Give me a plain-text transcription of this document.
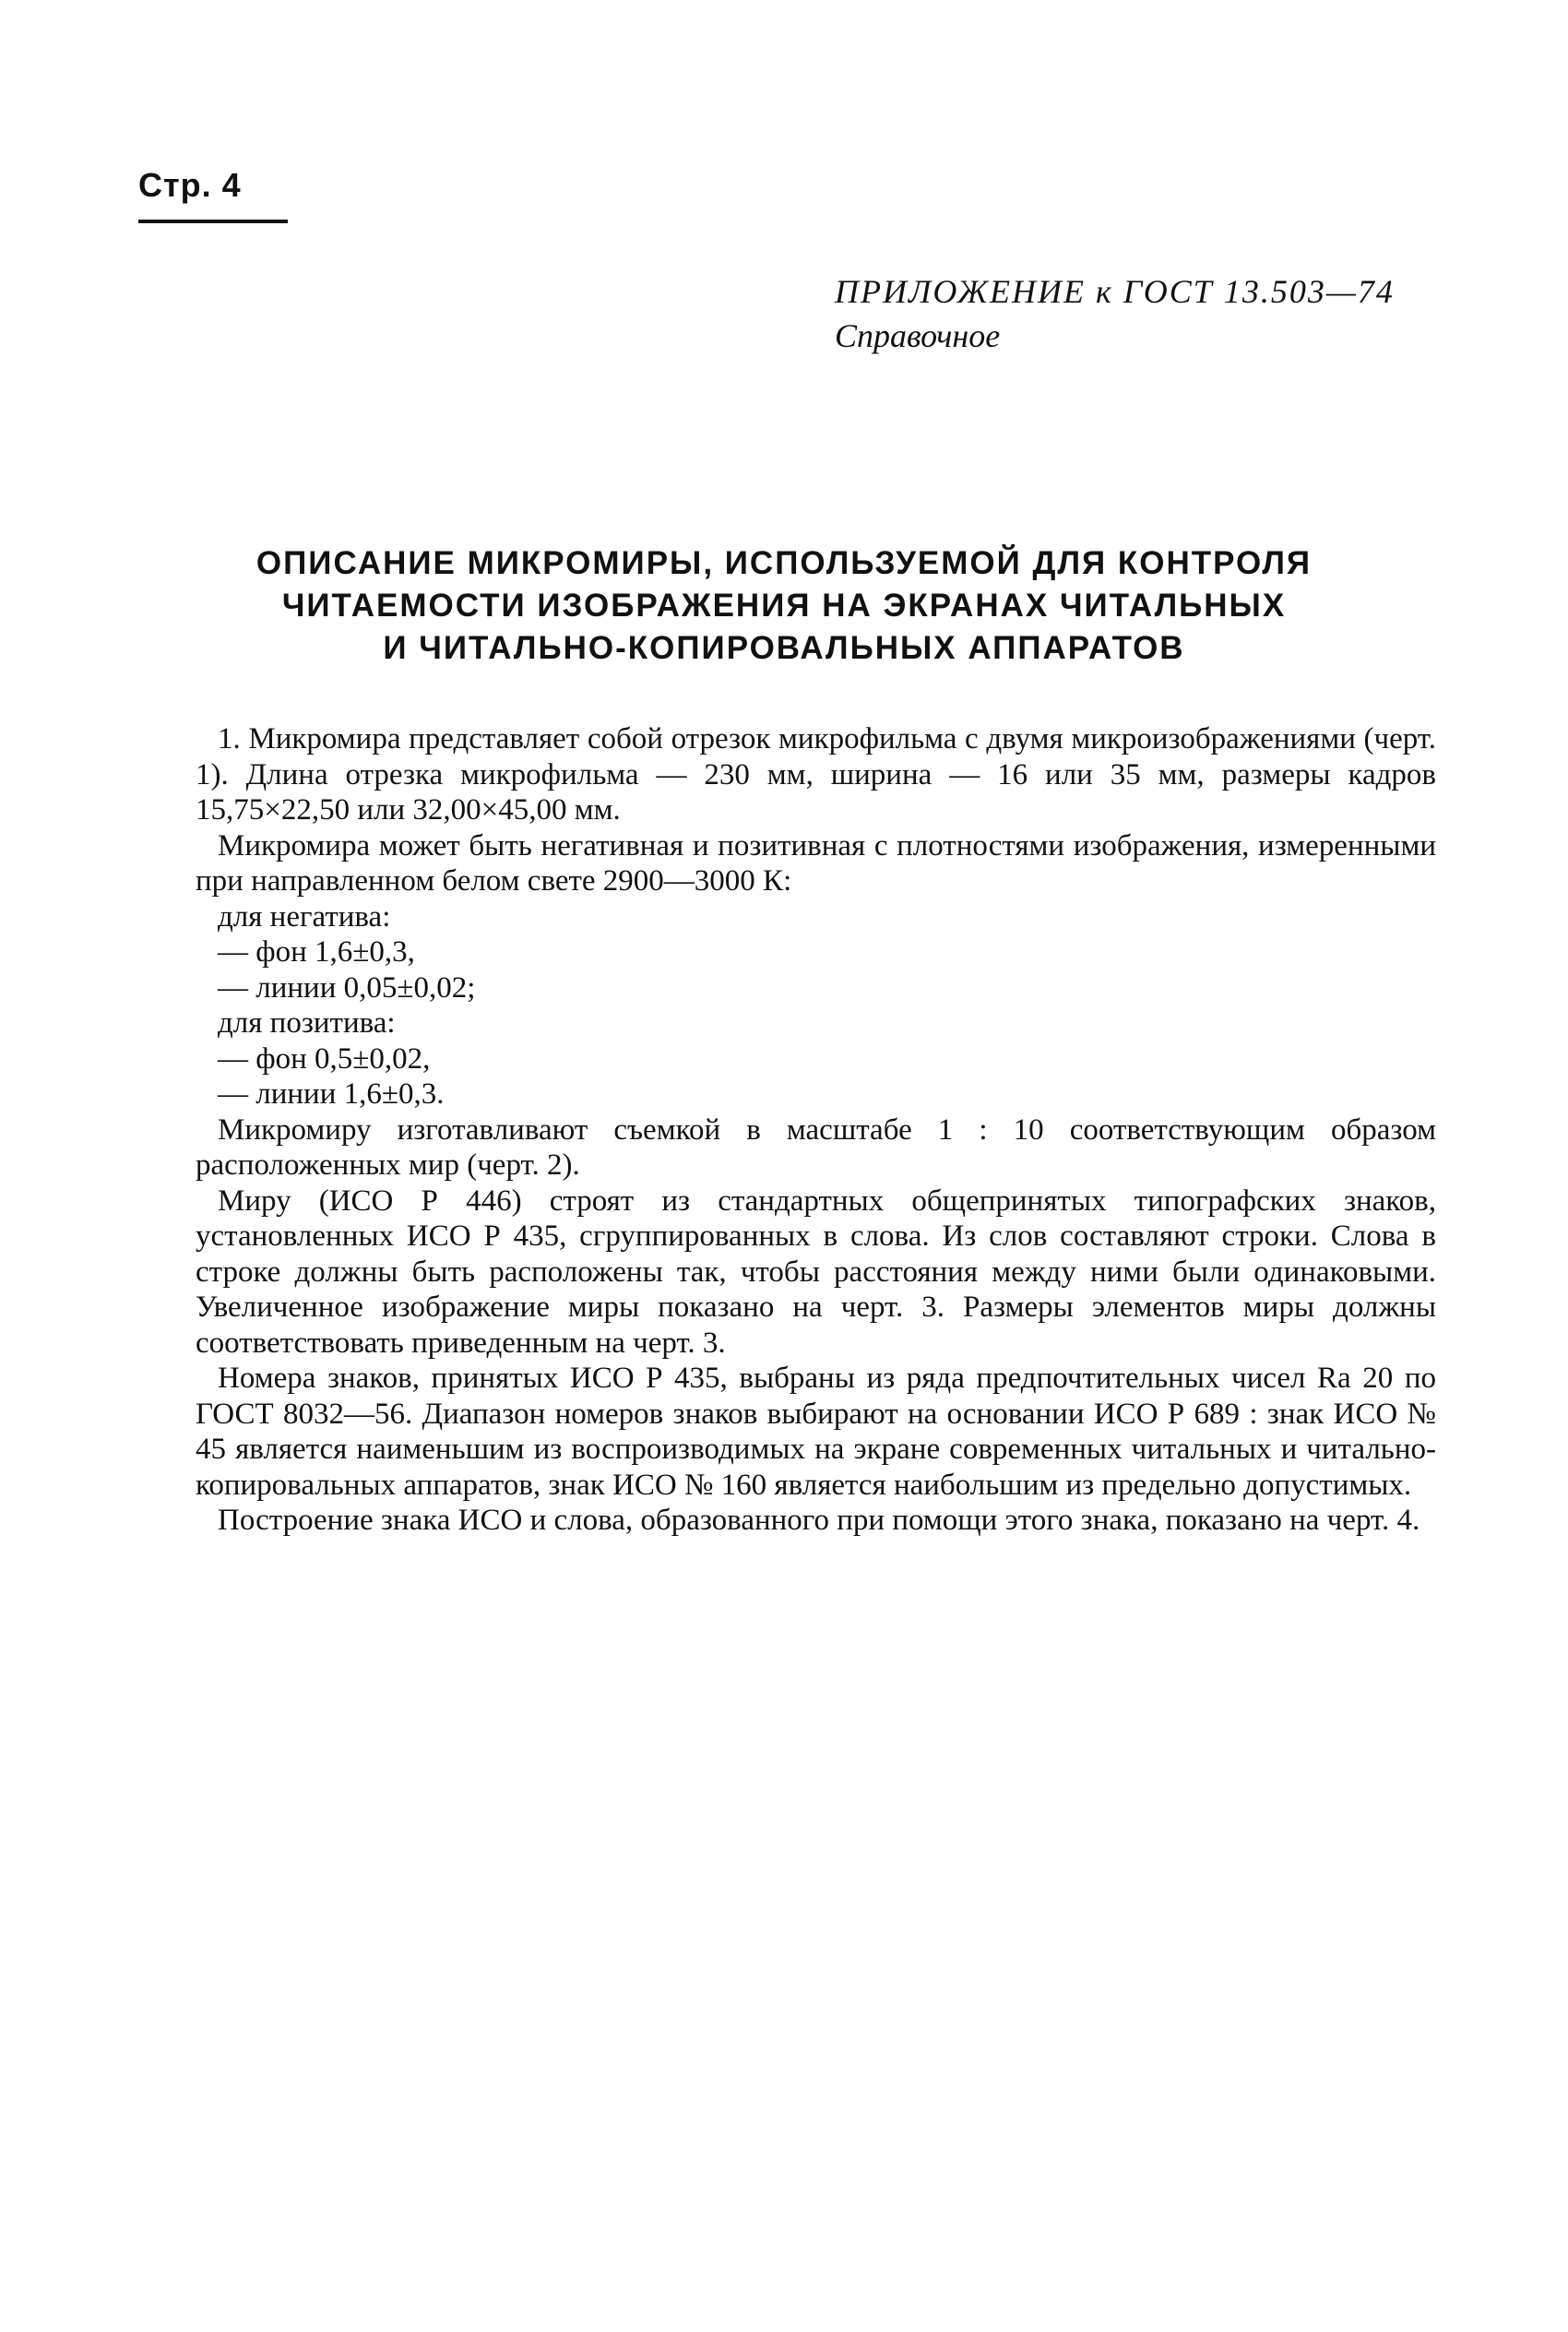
Стр. 4
ПРИЛОЖЕНИЕ к ГОСТ 13.503—74
Справочное
ОПИСАНИЕ МИКРОМИРЫ, ИСПОЛЬЗУЕМОЙ ДЛЯ КОНТРОЛЯ
ЧИТАЕМОСТИ ИЗОБРАЖЕНИЯ НА ЭКРАНАХ ЧИТАЛЬНЫХ
И ЧИТАЛЬНО-КОПИРОВАЛЬНЫХ АППАРАТОВ

1. Микромира представляет собой отрезок микрофильма с двумя микроизображениями (черт. 1). Длина отрезка микрофильма — 230 мм, ширина — 16 или 35 мм, размеры кадров 15,75×22,50 или 32,00×45,00 мм.

Микромира может быть негативная и позитивная с плотностями изображения, измеренными при направленном белом свете 2900—3000 К:

для негатива:
— фон 1,6±0,3,
— линии 0,05±0,02;
для позитива:
— фон 0,5±0,02,
— линии 1,6±0,3.

Микромиру изготавливают съемкой в масштабе 1 : 10 соответствующим образом расположенных мир (черт. 2).

Миру (ИСО Р 446) строят из стандартных общепринятых типографских знаков, установленных ИСО Р 435, сгруппированных в слова. Из слов составляют строки. Слова в строке должны быть расположены так, чтобы расстояния между ними были одинаковыми. Увеличенное изображение миры показано на черт. 3. Размеры элементов миры должны соответствовать приведенным на черт. 3.

Номера знаков, принятых ИСО Р 435, выбраны из ряда предпочтительных чисел Ra 20 по ГОСТ 8032—56. Диапазон номеров знаков выбирают на основании ИСО Р 689 : знак ИСО № 45 является наименьшим из воспроизводимых на экране современных читальных и читально-копировальных аппаратов, знак ИСО № 160 является наибольшим из предельно допустимых.

Построение знака ИСО и слова, образованного при помощи этого знака, показано на черт. 4.
